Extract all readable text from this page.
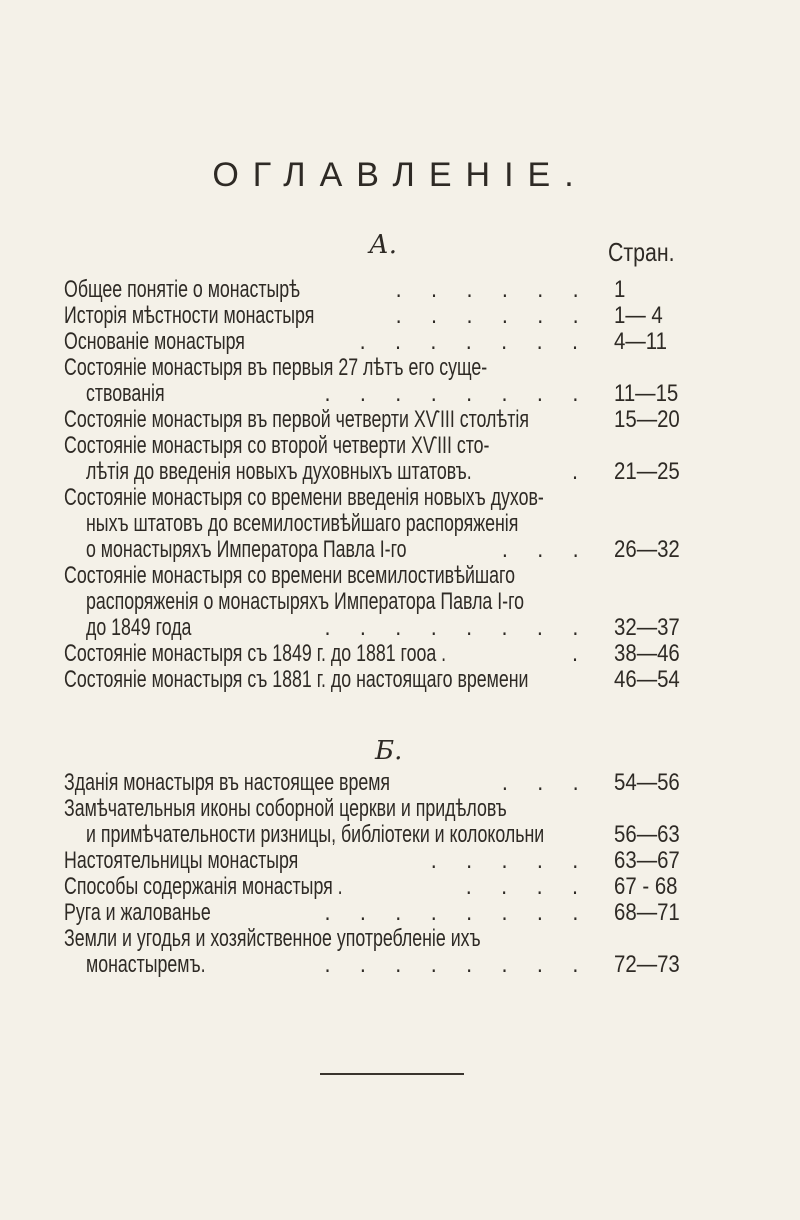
ОГЛАВЛЕНІЕ.
А.	Стран.
Б.
Общее понятіе о монастырѣ	. . . . . . 1
Исторія мѣстности монастыря	. . . . . . 1— 4
Основаніе монастыря	. . . . . . . 4—11
Состояніе монастыря въ первыя 27 лѣтъ его суще-
ствованія	. . . . . . . . 11—15
Состояніе монастыря въ первой четверти ХѴІІІ столѣтія	15—20
Состояніе монастыря со второй четверти ХѴІІІ сто-
лѣтія до введенія новыхъ духовныхъ штатовъ.	. 21—25
Состояніе монастыря со времени введенія новыхъ духов-
ныхъ штатовъ до всемилостивѣйшаго распоряженія
о монастыряхъ Императора Павла І-го	. . . 26—32
Состояніе монастыря со времени всемилостивѣйшаго
распоряженія о монастыряхъ Императора Павла І-го
до 1849 года	. . . . . . . . 32—37
Состояніе монастыря съ 1849 г. до 1881 гооа .	. 38—46
Состояніе монастыря съ 1881 г. до настоящаго времени	46—54
Зданія монастыря въ настоящее время	. . . 54—56
Замѣчательныя иконы соборной церкви и придѣловъ
и примѣчательности ризницы, библіотеки и колокольни	56—63
Настоятельницы монастыря	. . . . . 63—67
Способы содержанія монастыря .	. . . . 67 - 68
Руга и жалованье	. . . . . . . . 68—71
Земли и угодья и хозяйственное употребленіе ихъ
монастыремъ.	. . . . . . . . 72—73
